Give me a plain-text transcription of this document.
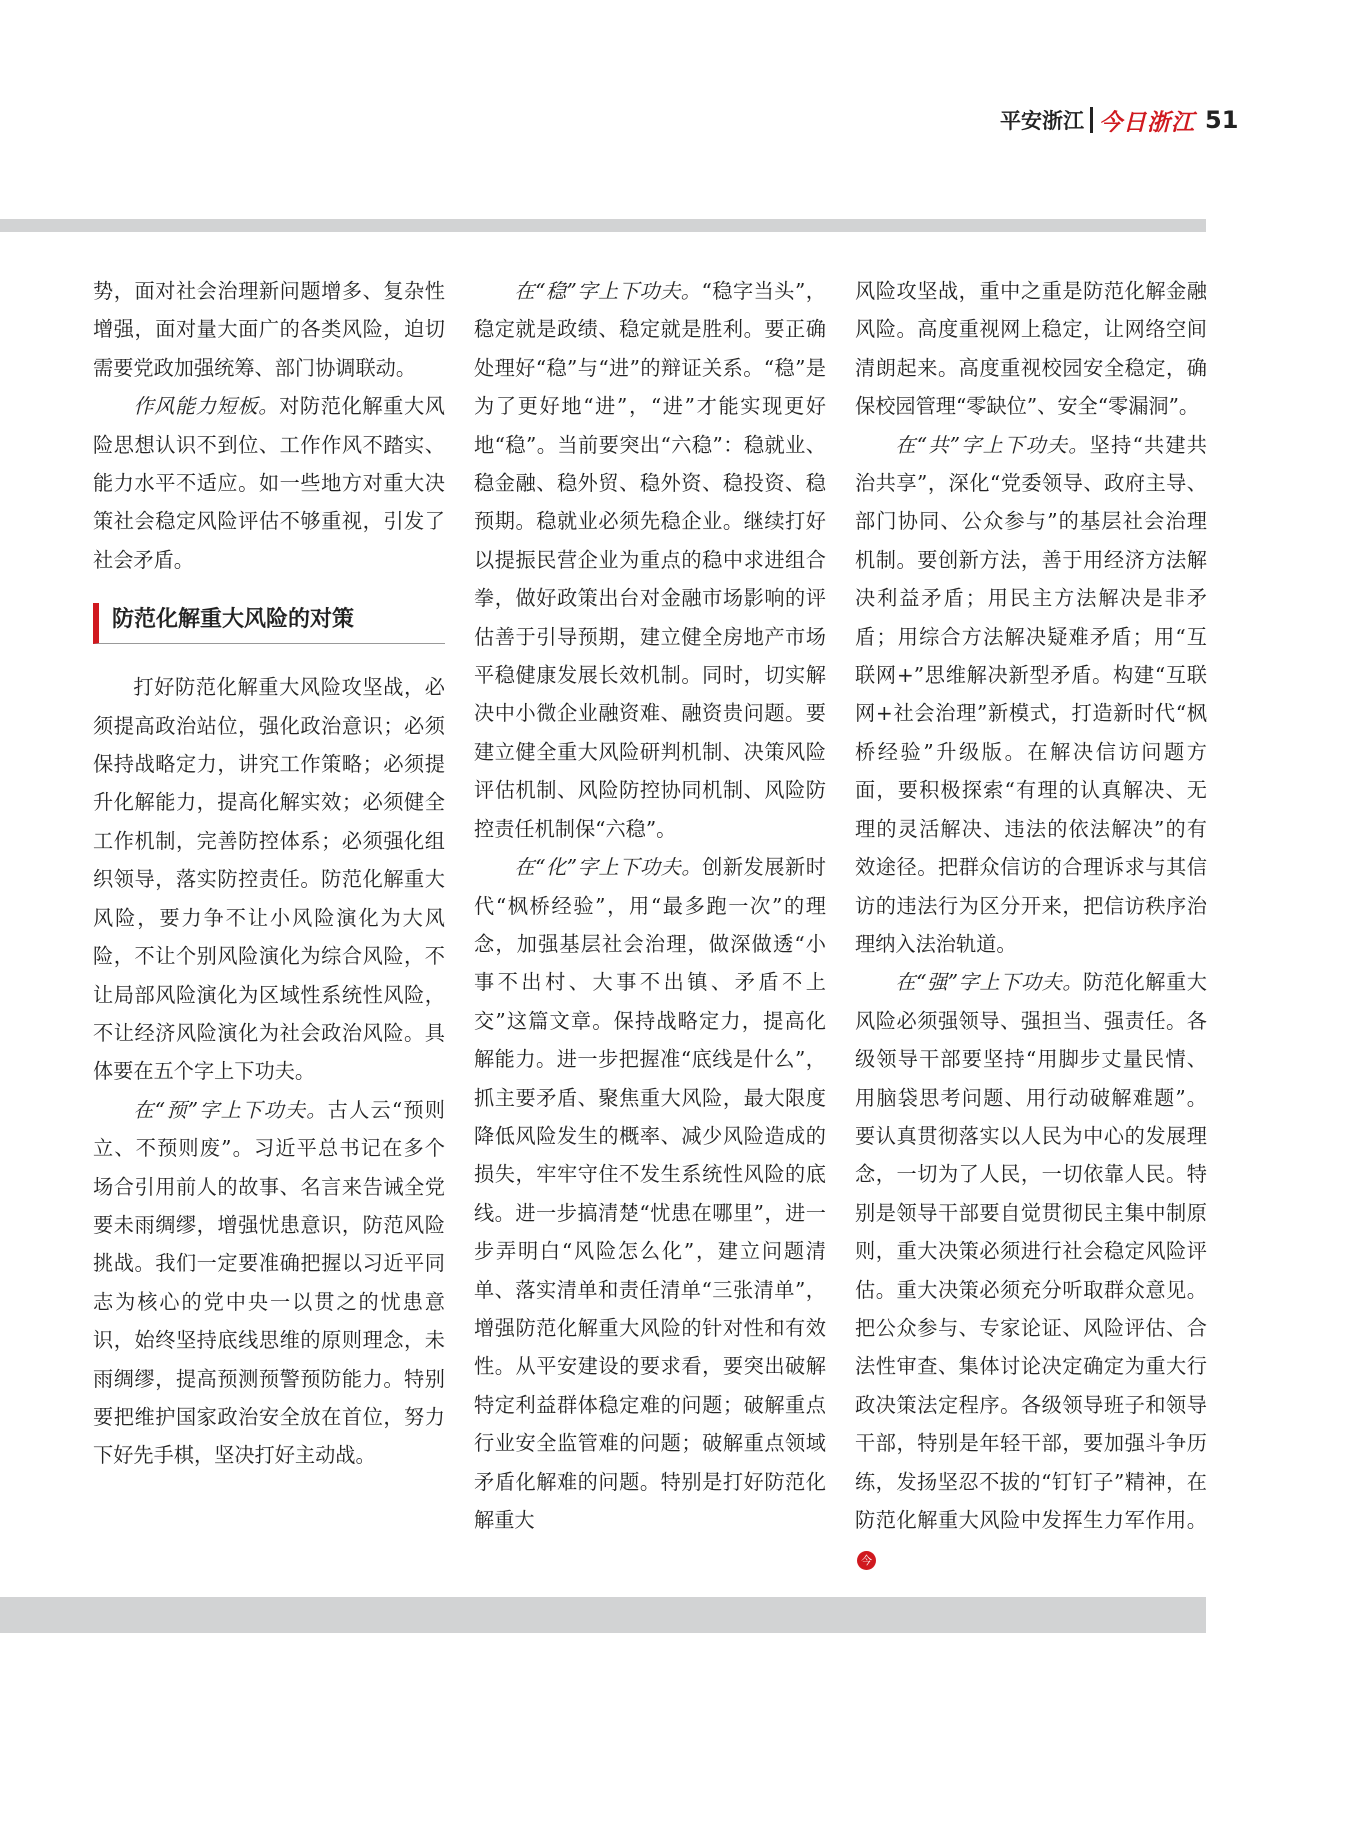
平安浙江 今日浙江 51

势，面对社会治理新问题增多、复杂性增强，面对量大面广的各类风险，迫切需要党政加强统筹、部门协调联动。

作风能力短板。对防范化解重大风险思想认识不到位、工作作风不踏实、能力水平不适应。如一些地方对重大决策社会稳定风险评估不够重视，引发了社会矛盾。

防范化解重大风险的对策

打好防范化解重大风险攻坚战，必须提高政治站位，强化政治意识；必须保持战略定力，讲究工作策略；必须提升化解能力，提高化解实效；必须健全工作机制，完善防控体系；必须强化组织领导，落实防控责任。防范化解重大风险，要力争不让小风险演化为大风险，不让个别风险演化为综合风险，不让局部风险演化为区域性系统性风险，不让经济风险演化为社会政治风险。具体要在五个字上下功夫。

在“预”字上下功夫。古人云“预则立、不预则废”。习近平总书记在多个场合引用前人的故事、名言来告诫全党要未雨绸缪，增强忧患意识，防范风险挑战。我们一定要准确把握以习近平同志为核心的党中央一以贯之的忧患意识，始终坚持底线思维的原则理念，未雨绸缪，提高预测预警预防能力。特别要把维护国家政治安全放在首位，努力下好先手棋，坚决打好主动战。

在“稳”字上下功夫。“稳字当头”，稳定就是政绩、稳定就是胜利。要正确处理好“稳”与“进”的辩证关系。“稳”是为了更好地“进”，“进”才能实现更好地“稳”。当前要突出“六稳”：稳就业、稳金融、稳外贸、稳外资、稳投资、稳预期。稳就业必须先稳企业。继续打好以提振民营企业为重点的稳中求进组合拳，做好政策出台对金融市场影响的评估善于引导预期，建立健全房地产市场平稳健康发展长效机制。同时，切实解决中小微企业融资难、融资贵问题。要建立健全重大风险研判机制、决策风险评估机制、风险防控协同机制、风险防控责任机制保“六稳”。

在“化”字上下功夫。创新发展新时代“枫桥经验”，用“最多跑一次”的理念，加强基层社会治理，做深做透“小事不出村、大事不出镇、矛盾不上交”这篇文章。保持战略定力，提高化解能力。进一步把握准“底线是什么”，抓主要矛盾、聚焦重大风险，最大限度降低风险发生的概率、减少风险造成的损失，牢牢守住不发生系统性风险的底线。进一步搞清楚“忧患在哪里”，进一步弄明白“风险怎么化”，建立问题清单、落实清单和责任清单“三张清单”，增强防范化解重大风险的针对性和有效性。从平安建设的要求看，要突出破解特定利益群体稳定难的问题；破解重点行业安全监管难的问题；破解重点领域矛盾化解难的问题。特别是打好防范化解重大

风险攻坚战，重中之重是防范化解金融风险。高度重视网上稳定，让网络空间清朗起来。高度重视校园安全稳定，确保校园管理“零缺位”、安全“零漏洞”。

在“共”字上下功夫。坚持“共建共治共享”，深化“党委领导、政府主导、部门协同、公众参与”的基层社会治理机制。要创新方法，善于用经济方法解决利益矛盾；用民主方法解决是非矛盾；用综合方法解决疑难矛盾；用“互联网+”思维解决新型矛盾。构建“互联网+社会治理”新模式，打造新时代“枫桥经验”升级版。在解决信访问题方面，要积极探索“有理的认真解决、无理的灵活解决、违法的依法解决”的有效途径。把群众信访的合理诉求与其信访的违法行为区分开来，把信访秩序治理纳入法治轨道。

在“强”字上下功夫。防范化解重大风险必须强领导、强担当、强责任。各级领导干部要坚持“用脚步丈量民情、用脑袋思考问题、用行动破解难题”。要认真贯彻落实以人民为中心的发展理念，一切为了人民，一切依靠人民。特别是领导干部要自觉贯彻民主集中制原则，重大决策必须进行社会稳定风险评估。重大决策必须充分听取群众意见。把公众参与、专家论证、风险评估、合法性审查、集体讨论决定确定为重大行政决策法定程序。各级领导班子和领导干部，特别是年轻干部，要加强斗争历练，发扬坚忍不拔的“钉钉子”精神，在防范化解重大风险中发挥生力军作用。今
